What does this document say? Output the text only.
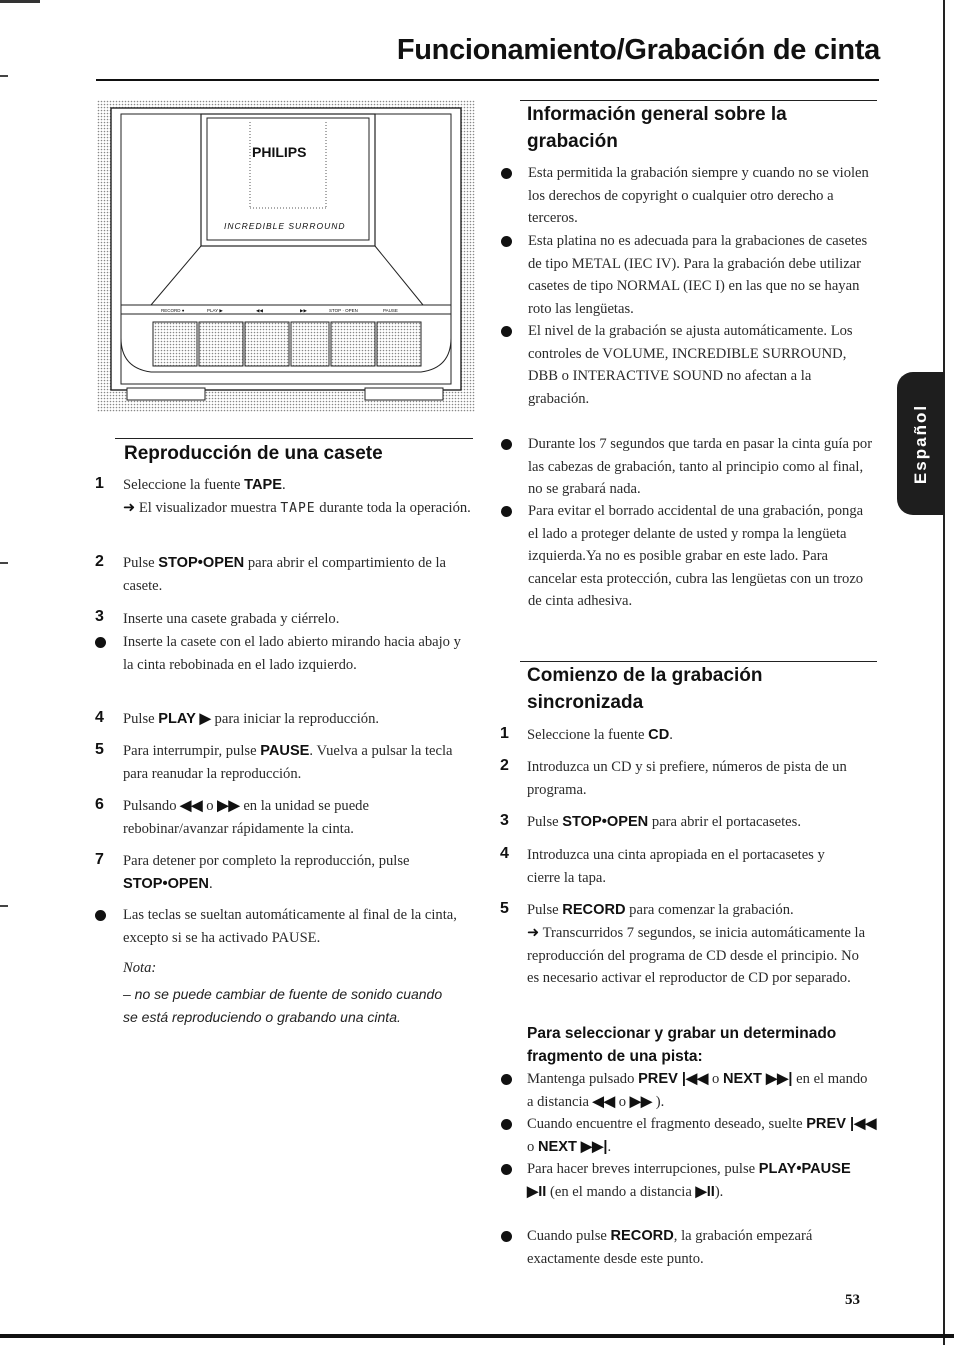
Funcionamiento/Grabación de cinta
Español
PHILIPS
INCREDIBLE SURROUND
RECORD ●	PLAY ▶	◀◀	▶▶	STOP · OPEN	PAUSE
Reproducción de una casete
1 Seleccione la fuente TAPE.
➜ El visualizador muestra TAPE durante toda la operación.
2 Pulse STOP•OPEN para abrir el compartimiento de la casete.
3 Inserte una casete grabada y ciérrelo.
Inserte la casete con el lado abierto mirando hacia abajo y la cinta rebobinada en el lado izquierdo.
4 Pulse PLAY ▶ para iniciar la reproducción.
5 Para interrumpir, pulse PAUSE. Vuelva a pulsar la tecla para reanudar la reproducción.
6 Pulsando ◀◀ o ▶▶ en la unidad se puede rebobinar/avanzar rápidamente la cinta.
7 Para detener por completo la reproducción, pulse STOP•OPEN.
Las teclas se sueltan automáticamente al final de la cinta, excepto si se ha activado PAUSE.
Nota:
– no se puede cambiar de fuente de sonido cuando se está reproduciendo o grabando una cinta.
Información general sobre la grabación
Esta permitida la grabación siempre y cuando no se violen los derechos de copyright o cualquier otro derecho a terceros.
Esta platina no es adecuada para la grabaciones de casetes de tipo METAL (IEC IV). Para la grabación debe utilizar casetes de tipo NORMAL (IEC I) en las que no se hayan roto las lengüetas.
El nivel de la grabación se ajusta automáticamente. Los controles de VOLUME, INCREDIBLE SURROUND, DBB o INTERACTIVE SOUND no afectan a la grabación.
Durante los 7 segundos que tarda en pasar la cinta guía por las cabezas de grabación, tanto al principio como al final, no se grabará nada.
Para evitar el borrado accidental de una grabación, ponga el lado a proteger delante de usted y rompa la lengüeta izquierda.Ya no es posible grabar en este lado. Para cancelar esta protección, cubra las lengüetas con un trozo de cinta adhesiva.
Comienzo de la grabación sincronizada
1 Seleccione la fuente CD.
2 Introduzca un CD y si prefiere, números de pista de un programa.
3 Pulse STOP•OPEN para abrir el portacasetes.
4 Introduzca una cinta apropiada en el portacasetes y cierre la tapa.
5 Pulse RECORD para comenzar la grabación.
➜ Transcurridos 7 segundos, se inicia automáticamente la reproducción del programa de CD desde el principio. No es necesario activar el reproductor de CD por separado.
Para seleccionar y grabar un determinado fragmento de una pista:
Mantenga pulsado PREV |◀◀ o NEXT ▶▶| en el mando a distancia ◀◀ o ▶▶ ).
Cuando encuentre el fragmento deseado, suelte PREV |◀◀ o NEXT ▶▶|.
Para hacer breves interrupciones, pulse PLAY•PAUSE ▶II (en el mando a distancia ▶II).
Cuando pulse RECORD, la grabación empezará exactamente desde este punto.
53
